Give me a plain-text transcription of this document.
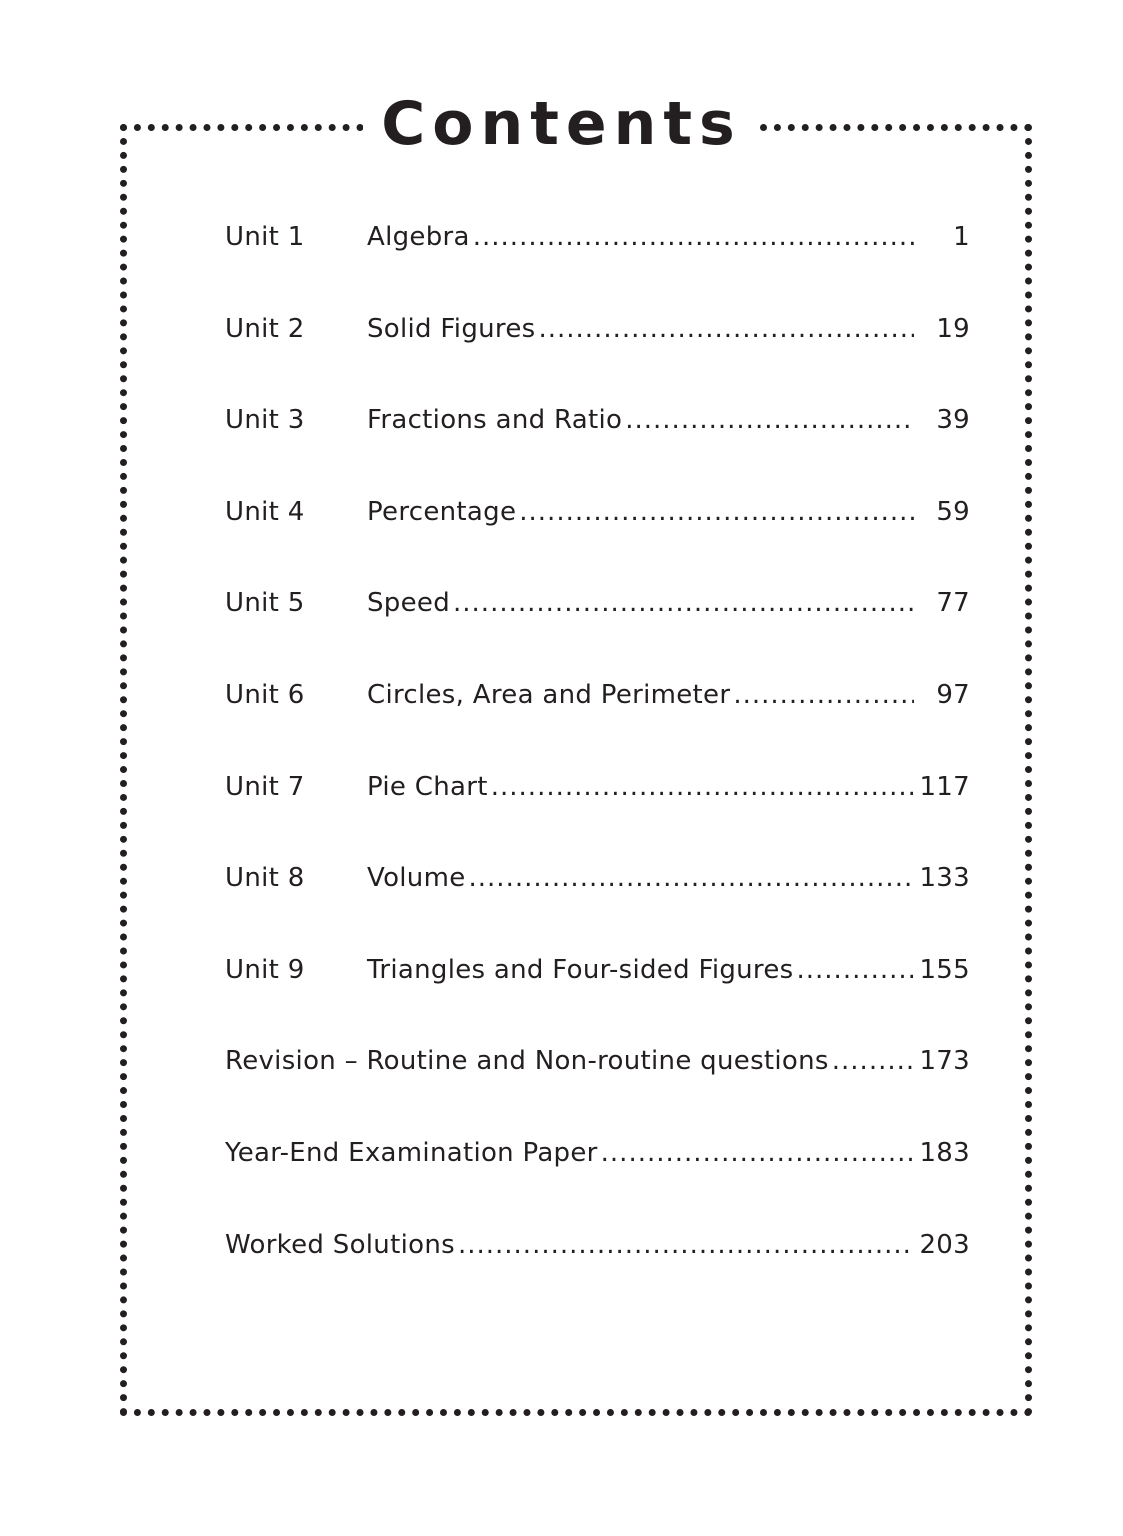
Contents
Unit 1	Algebra .....	1
Unit 2	Solid Figures .....	19
Unit 3	Fractions and Ratio .....	39
Unit 4	Percentage .....	59
Unit 5	Speed .....	77
Unit 6	Circles, Area and Perimeter .....	97
Unit 7	Pie Chart .....	117
Unit 8	Volume .....	133
Unit 9	Triangles and Four-sided Figures .....	155
Revision – Routine and Non-routine questions .....	173
Year-End Examination Paper .....	183
Worked Solutions .....	203
